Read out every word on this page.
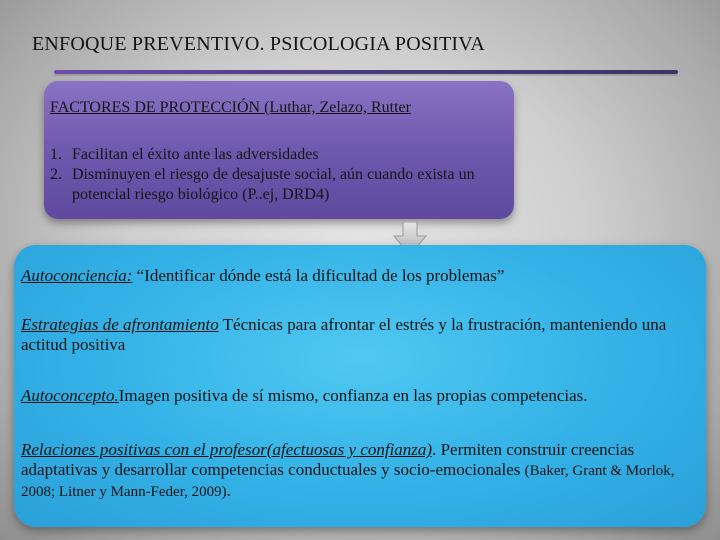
ENFOQUE PREVENTIVO. PSICOLOGIA POSITIVA
FACTORES DE PROTECCIÓN (Luthar, Zelazo, Rutter
1. Facilitan el éxito ante las adversidades
2. Disminuyen el riesgo de desajuste social, aún cuando exista un potencial riesgo biológico (P..ej, DRD4)
Autoconciencia: “Identificar dónde está la dificultad de los problemas”
Estrategias de afrontamiento Técnicas para afrontar el estrés y la frustración, manteniendo una actitud positiva
Autoconcepto.Imagen positiva de sí mismo, confianza en las propias competencias.
Relaciones positivas con el profesor(afectuosas y confianza). Permiten construir creencias adaptativas y desarrollar competencias conductuales y socio-emocionales (Baker, Grant & Morlok, 2008; Litner y Mann-Feder, 2009).
